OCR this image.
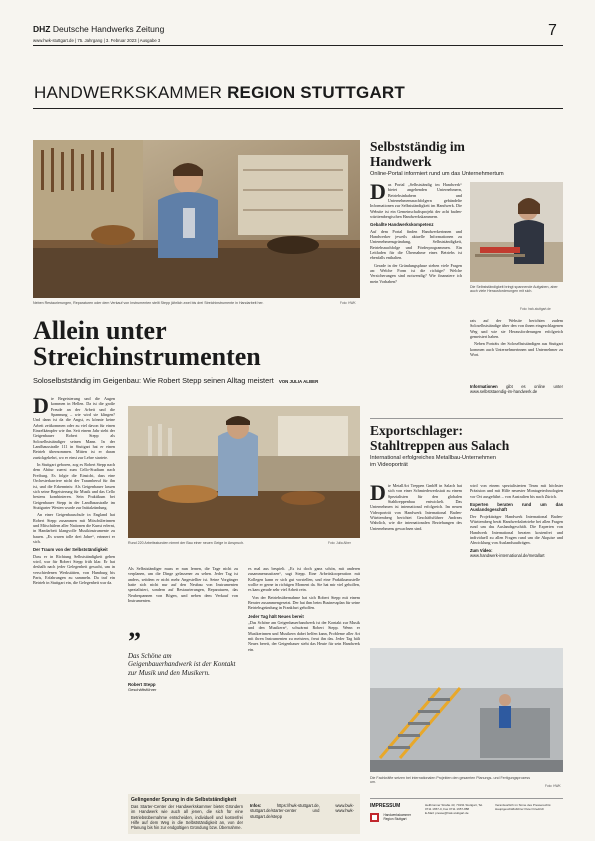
DHZ Deutsche Handwerks Zeitung
www.hwk-stuttgart.de | 75. Jahrgang | 3. Februar 2023 | Ausgabe 3
7
HANDWERKSKAMMER REGION STUTTGART
Neben Restaurierungen, Reparaturen oder dem Verkauf von Instrumenten stellt Stepp jährlich zwei bis drei Streichinstrumente in Handarbeit her.	Foto: HWK
Allein unter
Streichinstrumenten
Soloselbstständig im Geigenbau: Wie Robert Stepp seinen Alltag meistert VON JULIA ALBER
D ie Begeisterung und die Augen kommen in Hellen. Da ist die große Freude an der Arbeit und die Spannung – wie wird sie klingen? Und dann ist da die Angst, es könnte keine Arbeit zeitkommen oder zu viel davon für einen Einzelkämpfer wie ihn. Seit einem Jahr steht der Geigenbauer Robert Stepp als Soloselbstständiger seinen Mann. In der Landhausstraße 111 in Stuttgart hat er einen Betrieb übernommen. Mitten ist er daran zurückgekehrt, wo er einst zur Lehre startete.

In Stuttgart geboren, zog es Robert Stepp nach dem Abitur zuerst zum Cello-Studium nach Freiburg. Es folgte die Einsicht, dass eine Orchesterkarriere nicht der Traumberuf für ihn ist, und die Erkenntnis: Als Geigenbauer lassen sich seine Begeisterung für Musik und das Cello bestens kombinieren. Sein Praktikum bei Geigenbauer Stepp in der Landhausstraße im Stuttgarter Westen wurde zur Initialzündung.

An einer Geigenbauschule in England hat Robert Stepp zusammen mit Mitschülerinnen und Mitschülern aller Nationen die Kunst erlernt, in Handarbeit klangvolle Musikinstrumente zu bauen. „Es waren tolle drei Jahre“, erinnert er sich.

Der Traum von der Selbstständigkeit

Dass er in Richtung Selbstständigkeit gehen wird, war für Robert Stepp früh klar. Er hat deshalb nach jeder Gelegenheit gesucht, um in verschiedenen Werkstätten, von Hamburg bis Paris, Erfahrungen zu sammeln. Da traf ein Betrieb in Stuttgart ein, die Gelegenheit war da.

Rund 220 Arbeitsstunden nimmt der Bau einer neuen Geige in Anspruch.	Foto: Julia Alber
Als Selbstständiger muss er nun lernen, die Tage nicht zu verplanen, um die Dinge gelassener zu sehen. Jeder Tag ist anders, seitdem er nicht mehr Angestellter ist. Seine Vorgänger hatte sich nicht nur auf den Neubau von Instrumenten spezialisiert, sondern auf Restaurierungen, Reparaturen, das Neubespannen von Bögen, und neben dem Verkauf von Instrumenten.
”
Das Schöne am Geigenbauerhandwerk ist der Kontakt zur Musik und den Musikern.
Robert Stepp
Geschäftsführer

es mal aus bespielt. „Es ist doch ganz schön, mit anderen zusammenzusitzen“, sagt Stepp. Eine Arbeitskooperation mit Kollegen kann er sich gut vorstellen, und eine Praktikumsstelle wollte er gerne in richtigen Moment da. Sie hat mir viel geholfen, es kam gerade sehr viel Arbeit rein.

Von der Betriebsübernahme hat sich Robert Stepp mit einem Berater zusammengesetzt. Der hat ihm beim Businessplan für seine Betriebsgründung in Frankfurt geholfen.

Jeder Tag hält Neues bereit

„Das Schöne am Geigenbauerhandwerk ist der Kontakt zur Musik und den Musikern“, schwärmt Robert Stepp. Wenn er Musikerinnen und Musikern dabei helfen kann, Probleme aller Art mit ihren Instrumenten zu meistern, freut ihn das. Jeder Tag hält Neues bereit, der Geigenbauer steht das Heute für sein Handwerk ein.

Gelingender Sprung in die Selbstständigkeit
Das Starter-Center der Handwerkskammer bietet Gründern im Handwerk wie auch all jenen, die sich für eine Betriebsübernahme entscheiden, individuell und kostenfrei Hilfe auf dem Weg in die Selbstständigkeit an, von der Planung bis hin zur endgültigen Gründung bzw. Übernahme.
Infos:	https://hwk-stuttgart.de, www.bwk-stuttgart.de/starter-center und www.hwk-stuttgart.de/stepp
Selbstständig im
Handwerk
Online-Portal informiert rund um das Unternehmertum
D as Portal „Selbstständig im Handwerk“ bietet angehenden Unternehmern, Betriebsinhabern und Unternehmensnachfolgern gebündelte Informationen zur Selbstständigkeit im Handwerk. Die Website ist ein Gemeinschaftsprojekt der acht baden-württembergischen Handwerkskammern.
Geballte Handwerkskompetenz

Auf dem Portal finden Handwerkerinnen und Handwerker jeweils aktuelle Informationen zu Unternehmensgründung, Selbstständigkeit, Betriebsnachfolge und Förderprogrammen. Ein Leitfaden für die Übernahme eines Betriebs ist ebenfalls enthalten.

Gerade in der Gründungsphase stehen viele Fragen an: Welche Form ist die richtige? Welche Versicherungen sind notwendig? Wie finanziere ich mein Vorhaben?

Die Selbstständigkeit bringt spannende Aufgaben, aber auch viele Herausforderungen mit sich.
Foto: hwk-stuttgart.de

rats auf der Website berichten zudem Soloselbstständige über den von ihnen eingeschlagenen Weg und wie sie Herausforderungen erfolgreich gemeistert haben.

Neben Porträts der Soloselbstständigen aus Stuttgart kommen auch Unternehmerinnen und Unternehmer zu Wort.

Informationen gibt es online unter www.selbststaendig-im-handwerk.de
Exportschlager:
Stahltreppen aus Salach
International erfolgreiches Metallbau-Unternehmen
im Videoporträt
D ie MetallArt Treppen GmbH in Salach hat sich von einer Schmiedewerkstatt zu einem Spezialisten für den globalen Stahltreppenbau entwickelt. Das Unternehmen ist international erfolgreich. Im neuen Videoporträt von Handwerk International Baden-Württemberg berichtet Geschäftsführer Andreas Wahrlich, wie die internationalen Beziehungen des Unternehmens gewachsen sind.

wird von einem spezialisierten Team mit höchster Präzision und mit Hilfe neuester Montagetechnologien vor Ort ausgeführt – von Australien bis nach Zürich.

Experten beraten rund um das Auslandsgeschäft

Der Projektträger Handwerk International Baden-Württemberg berät Handwerksbetriebe bei allen Fragen rund um das Auslandsgeschäft. Die Experten von Handwerk International beraten kostenfrei und individuell zu allen Fragen rund um die Akquise und Abwicklung von Auslandsaufträgen.

Zum Video:
www.handwerk-international.de/metallart
Die Fachkräfte setzen bei internationalen Projekten den gesamten Planungs- und Fertigungsprozess um.
Foto: HWK
IMPRESSUM
Handwerkskammer
Region Stuttgart
Heilbronner Straße 43, 70191 Stuttgart, Tel. 0711 1657-0, Fax 0711 1657-888
E-Mail: presse@hwk-stuttgart.de
Verantwortlich im Sinne des Presserechts: Hauptgeschäftsführer Peter Friedrich
